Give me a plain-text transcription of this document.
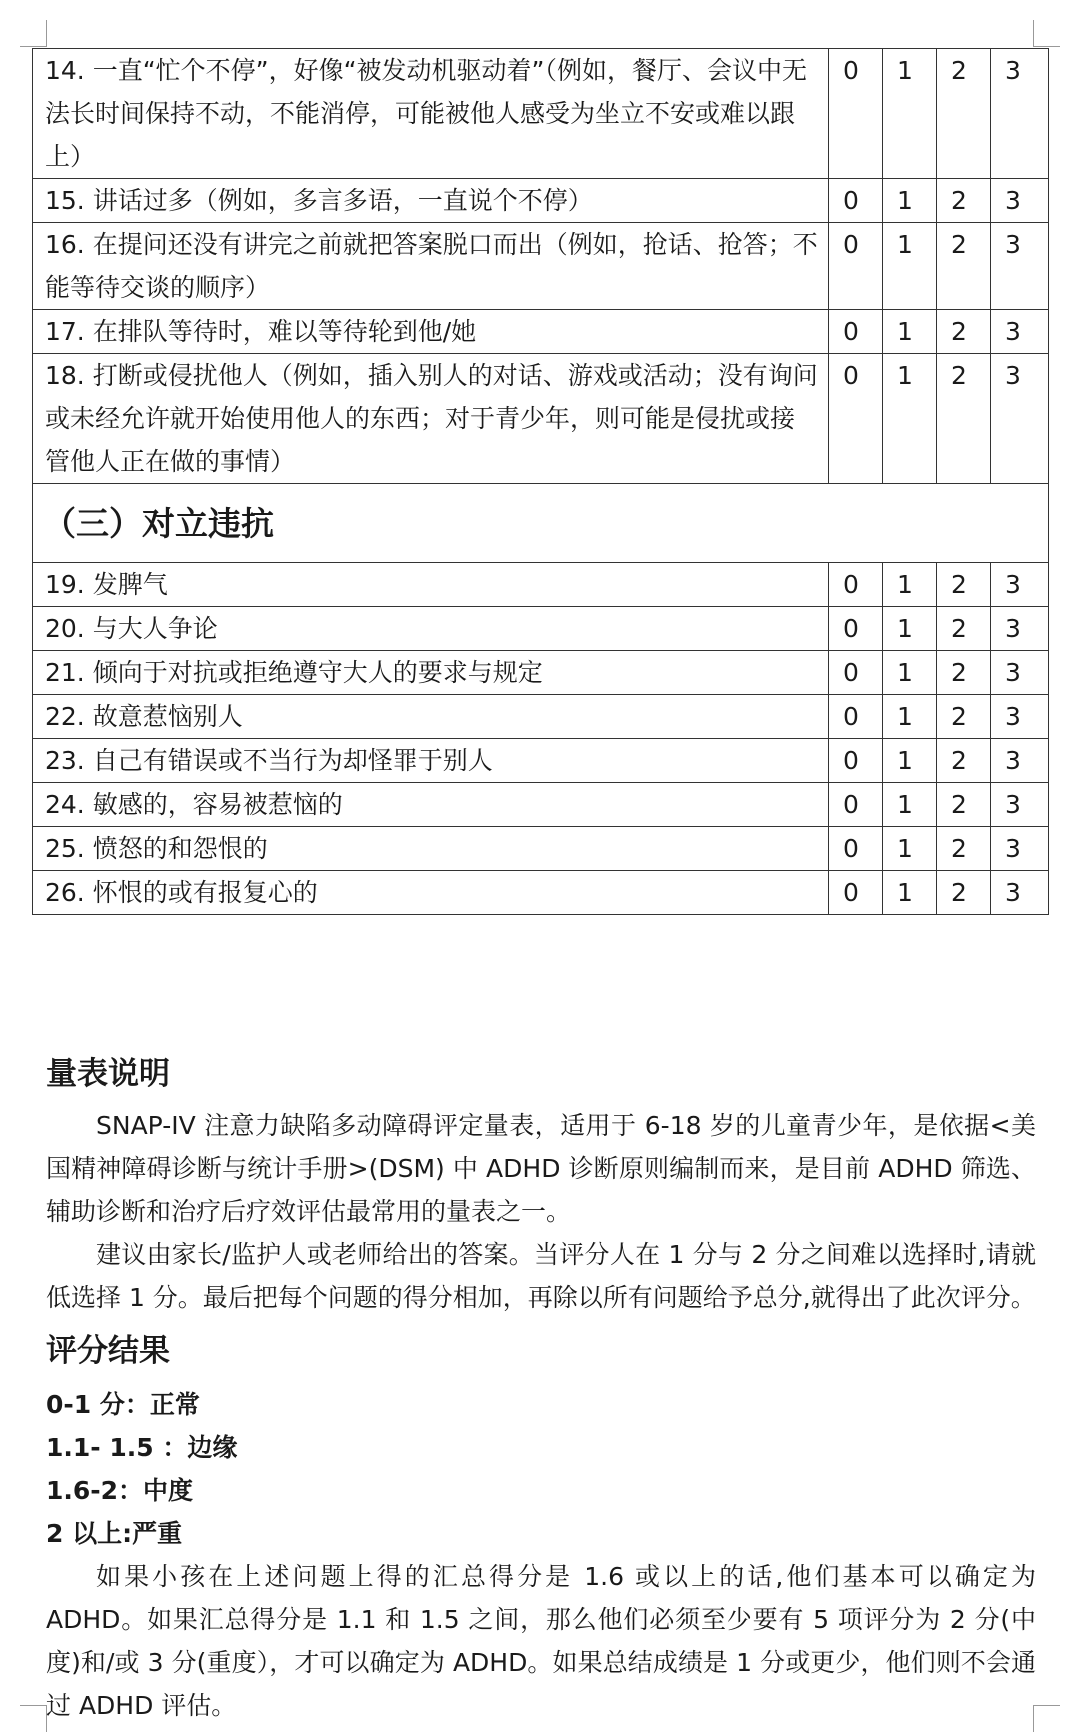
14. 一直“忙个不停”，好像“被发动机驱动着”（例如，餐厅、会议中无法长时间保持不动，不能消停，可能被他人感受为坐立不安或难以跟上）	0	1	2	3
15. 讲话过多（例如，多言多语，一直说个不停）	0	1	2	3
16. 在提问还没有讲完之前就把答案脱口而出（例如，抢话、抢答；不能等待交谈的顺序）	0	1	2	3
17. 在排队等待时，难以等待轮到他/她	0	1	2	3
18. 打断或侵扰他人（例如，插入别人的对话、游戏或活动；没有询问或未经允许就开始使用他人的东西；对于青少年，则可能是侵扰或接管他人正在做的事情）	0	1	2	3
（三）对立违抗				
19. 发脾气	0	1	2	3
20. 与大人争论	0	1	2	3
21. 倾向于对抗或拒绝遵守大人的要求与规定	0	1	2	3
22. 故意惹恼别人	0	1	2	3
23. 自己有错误或不当行为却怪罪于别人	0	1	2	3
24. 敏感的，容易被惹恼的	0	1	2	3
25. 愤怒的和怨恨的	0	1	2	3
26. 怀恨的或有报复心的	0	1	2	3

量表说明

SNAP-IV 注意力缺陷多动障碍评定量表，适用于 6-18 岁的儿童青少年，是依据<美国精神障碍诊断与统计手册>(DSM) 中 ADHD 诊断原则编制而来，是目前 ADHD 筛选、辅助诊断和治疗后疗效评估最常用的量表之一。

建议由家长/监护人或老师给出的答案。当评分人在 1 分与 2 分之间难以选择时,请就低选择 1 分。最后把每个问题的得分相加，再除以所有问题给予总分,就得出了此次评分。

评分结果

0-1 分：正常

1.1- 1.5 ：边缘

1.6-2：中度

2 以上:严重

如果小孩在上述问题上得的汇总得分是 1.6 或以上的话,他们基本可以确定为 ADHD。如果汇总得分是 1.1 和 1.5 之间，那么他们必须至少要有 5 项评分为 2 分(中度)和/或 3 分(重度），才可以确定为 ADHD。如果总结成绩是 1 分或更少，他们则不会通过 ADHD 评估。
